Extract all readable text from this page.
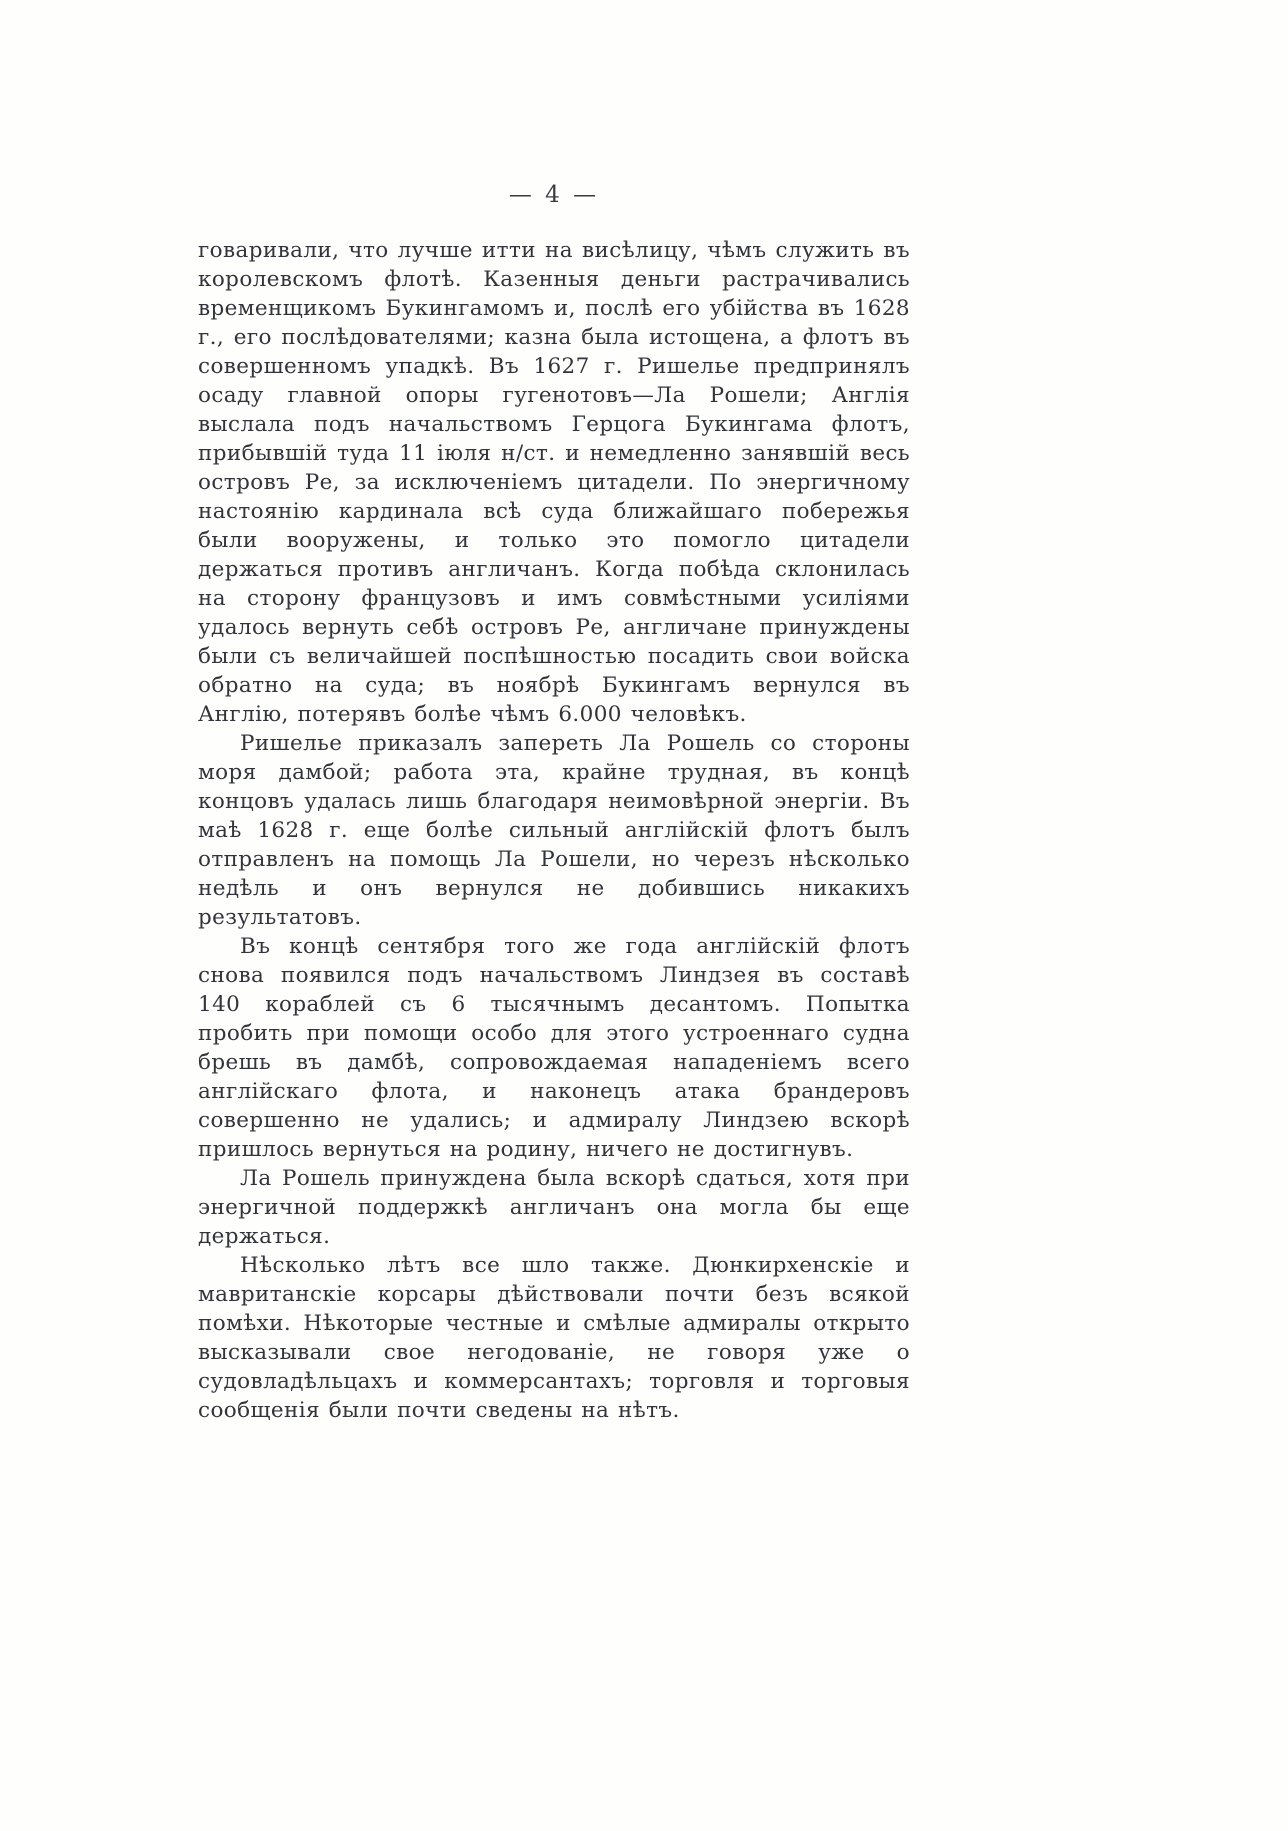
— 4 —

говаривали, что лучше итти на висѣлицу, чѣмъ служить въ королевскомъ флотѣ. Казенныя деньги растрачивались временщикомъ Букингамомъ и, послѣ его убійства въ 1628 г., его послѣдователями; казна была истощена, а флотъ въ совершенномъ упадкѣ. Въ 1627 г. Ришелье предпринялъ осаду главной опоры гугенотовъ—Ла Рошели; Англія выслала подъ начальствомъ Герцога Букингама флотъ, прибывшій туда 11 іюля н/ст. и немедленно занявшій весь островъ Ре, за исключеніемъ цитадели. По энергичному настоянію кардинала всѣ суда ближайшаго побережья были вооружены, и только это помогло цитадели держаться противъ англичанъ. Когда побѣда склонилась на сторону французовъ и имъ совмѣстными усиліями удалось вернуть себѣ островъ Ре, англичане принуждены были съ величайшей поспѣшностью посадить свои войска обратно на суда; въ ноябрѣ Букингамъ вернулся въ Англію, потерявъ болѣе чѣмъ 6.000 человѣкъ.

Ришелье приказалъ запереть Ла Рошель со стороны моря дамбой; работа эта, крайне трудная, въ концѣ концовъ удалась лишь благодаря неимовѣрной энергіи. Въ маѣ 1628 г. еще болѣе сильный англійскій флотъ былъ отправленъ на помощь Ла Рошели, но черезъ нѣсколько недѣль и онъ вернулся не добившись никакихъ результатовъ.

Въ концѣ сентября того же года англійскій флотъ снова появился подъ начальствомъ Линдзея въ составѣ 140 кораблей съ 6 тысячнымъ десантомъ. Попытка пробить при помощи особо для этого устроеннаго судна брешь въ дамбѣ, сопровождаемая нападеніемъ всего англійскаго флота, и наконецъ атака брандеровъ совершенно не удались; и адмиралу Линдзею вскорѣ пришлось вернуться на родину, ничего не достигнувъ.

Ла Рошель принуждена была вскорѣ сдаться, хотя при энергичной поддержкѣ англичанъ она могла бы еще держаться.

Нѣсколько лѣтъ все шло также. Дюнкирхенскіе и мавританскіе корсары дѣйствовали почти безъ всякой помѣхи. Нѣкоторые честные и смѣлые адмиралы открыто высказывали свое негодованіе, не говоря уже о судовладѣльцахъ и коммерсантахъ; торговля и торговыя сообщенія были почти сведены на нѣтъ.
